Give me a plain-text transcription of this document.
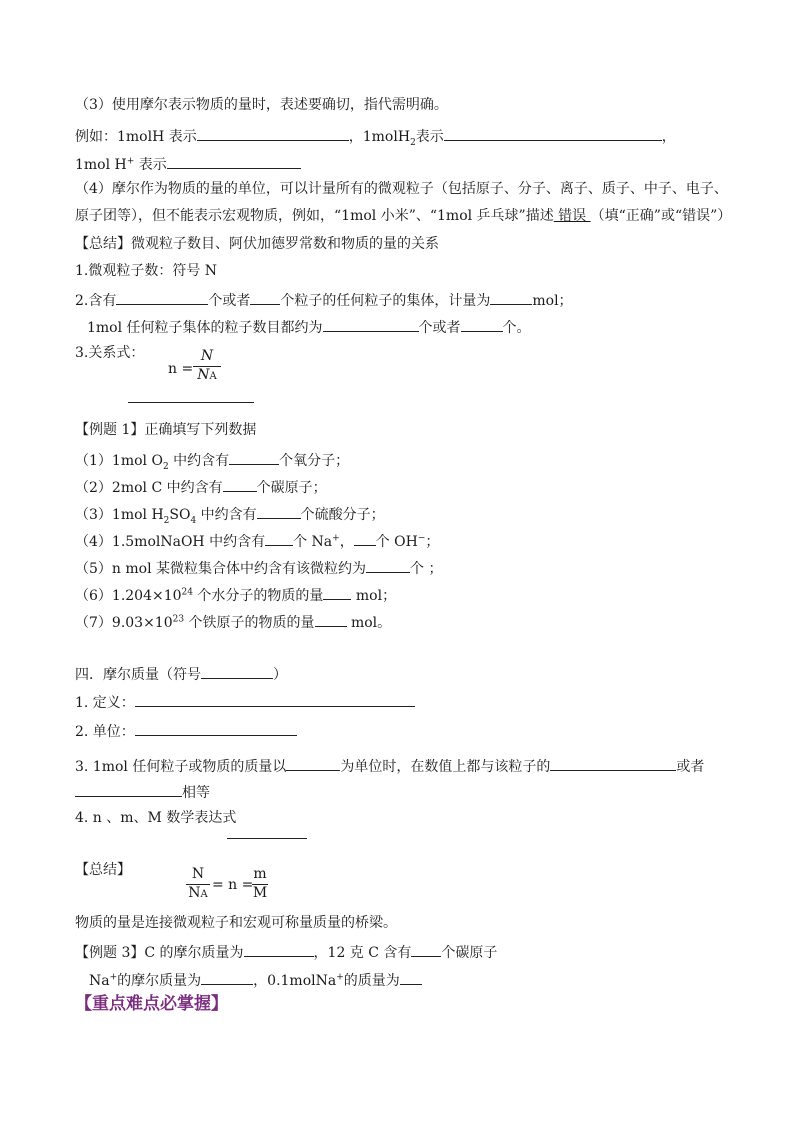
（3）使用摩尔表示物质的量时，表述要确切，指代需明确。
例如：1molH 表示	，1molH$_2$表示	，
1mol H+ 表示
（4）摩尔作为物质的量的单位，可以计量所有的微观粒子（包括原子、分子、离子、质子、中子、电子、
原子团等），但不能表示宏观物质，例如，“1mol 小米”、“1mol 乒乓球”描述 错误 （填“正确”或“错误”）
【总结】微观粒子数目、阿伏加德罗常数和物质的量的关系
1.微观粒子数：符号 N
2.含有	个或者 个粒子的任何粒子的集体，计量为	mol；
1mol 任何粒子集体的粒子数目都约为	个或者	个。
3.关系式：
n =
N
NA
【例题 1】正确填写下列数据
（1）1mol $O_2$ 中约含有	个氧分子；
（2）2mol C 中约含有 个碳原子；
（3）1mol $H_2SO_4$ 中约含有	个硫酸分子；
（4）1.5molNaOH 中约含有 个 Na+， 个 OH−；
（5）n mol 某微粒集合体中约含有该微粒约为	个 ；
$(6)1.204\times 10^{24}$ 个水分子的物质的量 mol；
$(7)9.03\times 10^{23}$ 个铁原子的物质的量 mol。
四．摩尔质量（符号	）
1. 定义：
2. 单位：
3. 1mol 任何粒子或物质的质量以	为单位时，在数值上都与该粒子的	或者
相等
4. n 、m、M 数学表达式
【总结】	N
NA
= n =
m
M
物质的量是连接微观粒子和宏观可称量质量的桥梁。
【例题 3】C 的摩尔质量为	，12 克 C 含有 个碳原子
Na+的摩尔质量为	，0.1molNa+的质量为
【重点难点必掌握】
